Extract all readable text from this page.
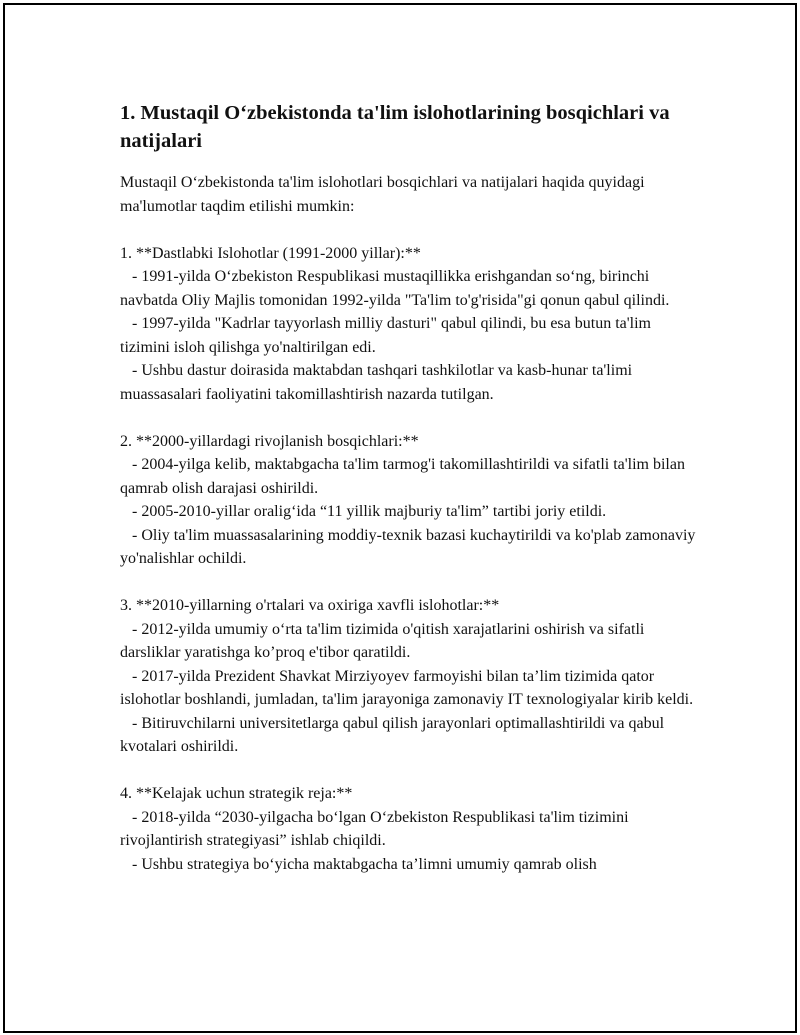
1. Mustaqil O‘zbekistonda ta'lim islohotlarining bosqichlari va natijalari

Mustaqil O‘zbekistonda ta'lim islohotlari bosqichlari va natijalari haqida quyidagi ma'lumotlar taqdim etilishi mumkin:

1. **Dastlabki Islohotlar (1991-2000 yillar):**

- 1991-yilda O‘zbekiston Respublikasi mustaqillikka erishgandan so‘ng, birinchi navbatda Oliy Majlis tomonidan 1992-yilda "Ta'lim to'g'risida"gi qonun qabul qilindi.

- 1997-yilda "Kadrlar tayyorlash milliy dasturi" qabul qilindi, bu esa butun ta'lim tizimini isloh qilishga yo'naltirilgan edi.

- Ushbu dastur doirasida maktabdan tashqari tashkilotlar va kasb-hunar ta'limi muassasalari faoliyatini takomillashtirish nazarda tutilgan.

2. **2000-yillardagi rivojlanish bosqichlari:**

- 2004-yilga kelib, maktabgacha ta'lim tarmog'i takomillashtirildi va sifatli ta'lim bilan qamrab olish darajasi oshirildi.

- 2005-2010-yillar oralig‘ida “11 yillik majburiy ta'lim” tartibi joriy etildi.

- Oliy ta'lim muassasalarining moddiy-texnik bazasi kuchaytirildi va ko'plab zamonaviy yo'nalishlar ochildi.

3. **2010-yillarning o'rtalari va oxiriga xavfli islohotlar:**

- 2012-yilda umumiy o‘rta ta'lim tizimida o'qitish xarajatlarini oshirish va sifatli darsliklar yaratishga ko’proq e'tibor qaratildi.

- 2017-yilda Prezident Shavkat Mirziyoyev farmoyishi bilan ta’lim tizimida qator islohotlar boshlandi, jumladan, ta'lim jarayoniga zamonaviy IT texnologiyalar kirib keldi.

- Bitiruvchilarni universitetlarga qabul qilish jarayonlari optimallashtirildi va qabul kvotalari oshirildi.

4. **Kelajak uchun strategik reja:**

- 2018-yilda “2030-yilgacha bo‘lgan O‘zbekiston Respublikasi ta'lim tizimini rivojlantirish strategiyasi” ishlab chiqildi.

- Ushbu strategiya bo‘yicha maktabgacha ta’limni umumiy qamrab olish
